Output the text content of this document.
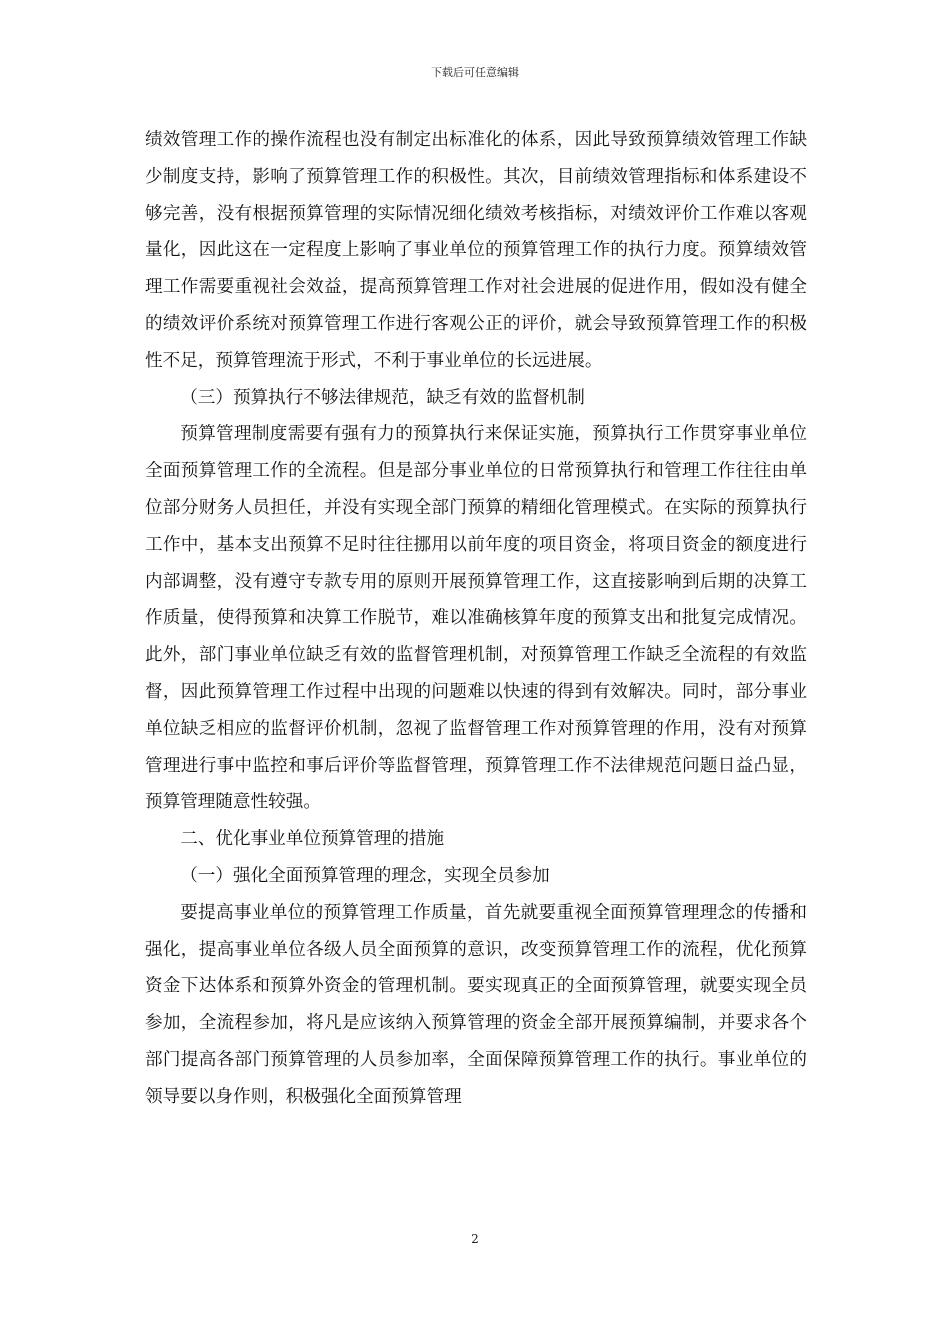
下载后可任意编辑

绩效管理工作的操作流程也没有制定出标准化的体系，因此导致预算绩效管理工作缺少制度支持，影响了预算管理工作的积极性。其次，目前绩效管理指标和体系建设不够完善，没有根据预算管理的实际情况细化绩效考核指标，对绩效评价工作难以客观量化，因此这在一定程度上影响了事业单位的预算管理工作的执行力度。预算绩效管理工作需要重视社会效益，提高预算管理工作对社会进展的促进作用，假如没有健全的绩效评价系统对预算管理工作进行客观公正的评价，就会导致预算管理工作的积极性不足，预算管理流于形式，不利于事业单位的长远进展。

（三）预算执行不够法律规范，缺乏有效的监督机制

预算管理制度需要有强有力的预算执行来保证实施，预算执行工作贯穿事业单位全面预算管理工作的全流程。但是部分事业单位的日常预算执行和管理工作往往由单位部分财务人员担任，并没有实现全部门预算的精细化管理模式。在实际的预算执行工作中，基本支出预算不足时往往挪用以前年度的项目资金，将项目资金的额度进行内部调整，没有遵守专款专用的原则开展预算管理工作，这直接影响到后期的决算工作质量，使得预算和决算工作脱节，难以准确核算年度的预算支出和批复完成情况。此外，部门事业单位缺乏有效的监督管理机制，对预算管理工作缺乏全流程的有效监督，因此预算管理工作过程中出现的问题难以快速的得到有效解决。同时，部分事业单位缺乏相应的监督评价机制，忽视了监督管理工作对预算管理的作用，没有对预算管理进行事中监控和事后评价等监督管理，预算管理工作不法律规范问题日益凸显，预算管理随意性较强。

二、优化事业单位预算管理的措施

（一）强化全面预算管理的理念，实现全员参加

要提高事业单位的预算管理工作质量，首先就要重视全面预算管理理念的传播和强化，提高事业单位各级人员全面预算的意识，改变预算管理工作的流程，优化预算资金下达体系和预算外资金的管理机制。要实现真正的全面预算管理，就要实现全员参加，全流程参加，将凡是应该纳入预算管理的资金全部开展预算编制，并要求各个部门提高各部门预算管理的人员参加率，全面保障预算管理工作的执行。事业单位的领导要以身作则，积极强化全面预算管理

2
